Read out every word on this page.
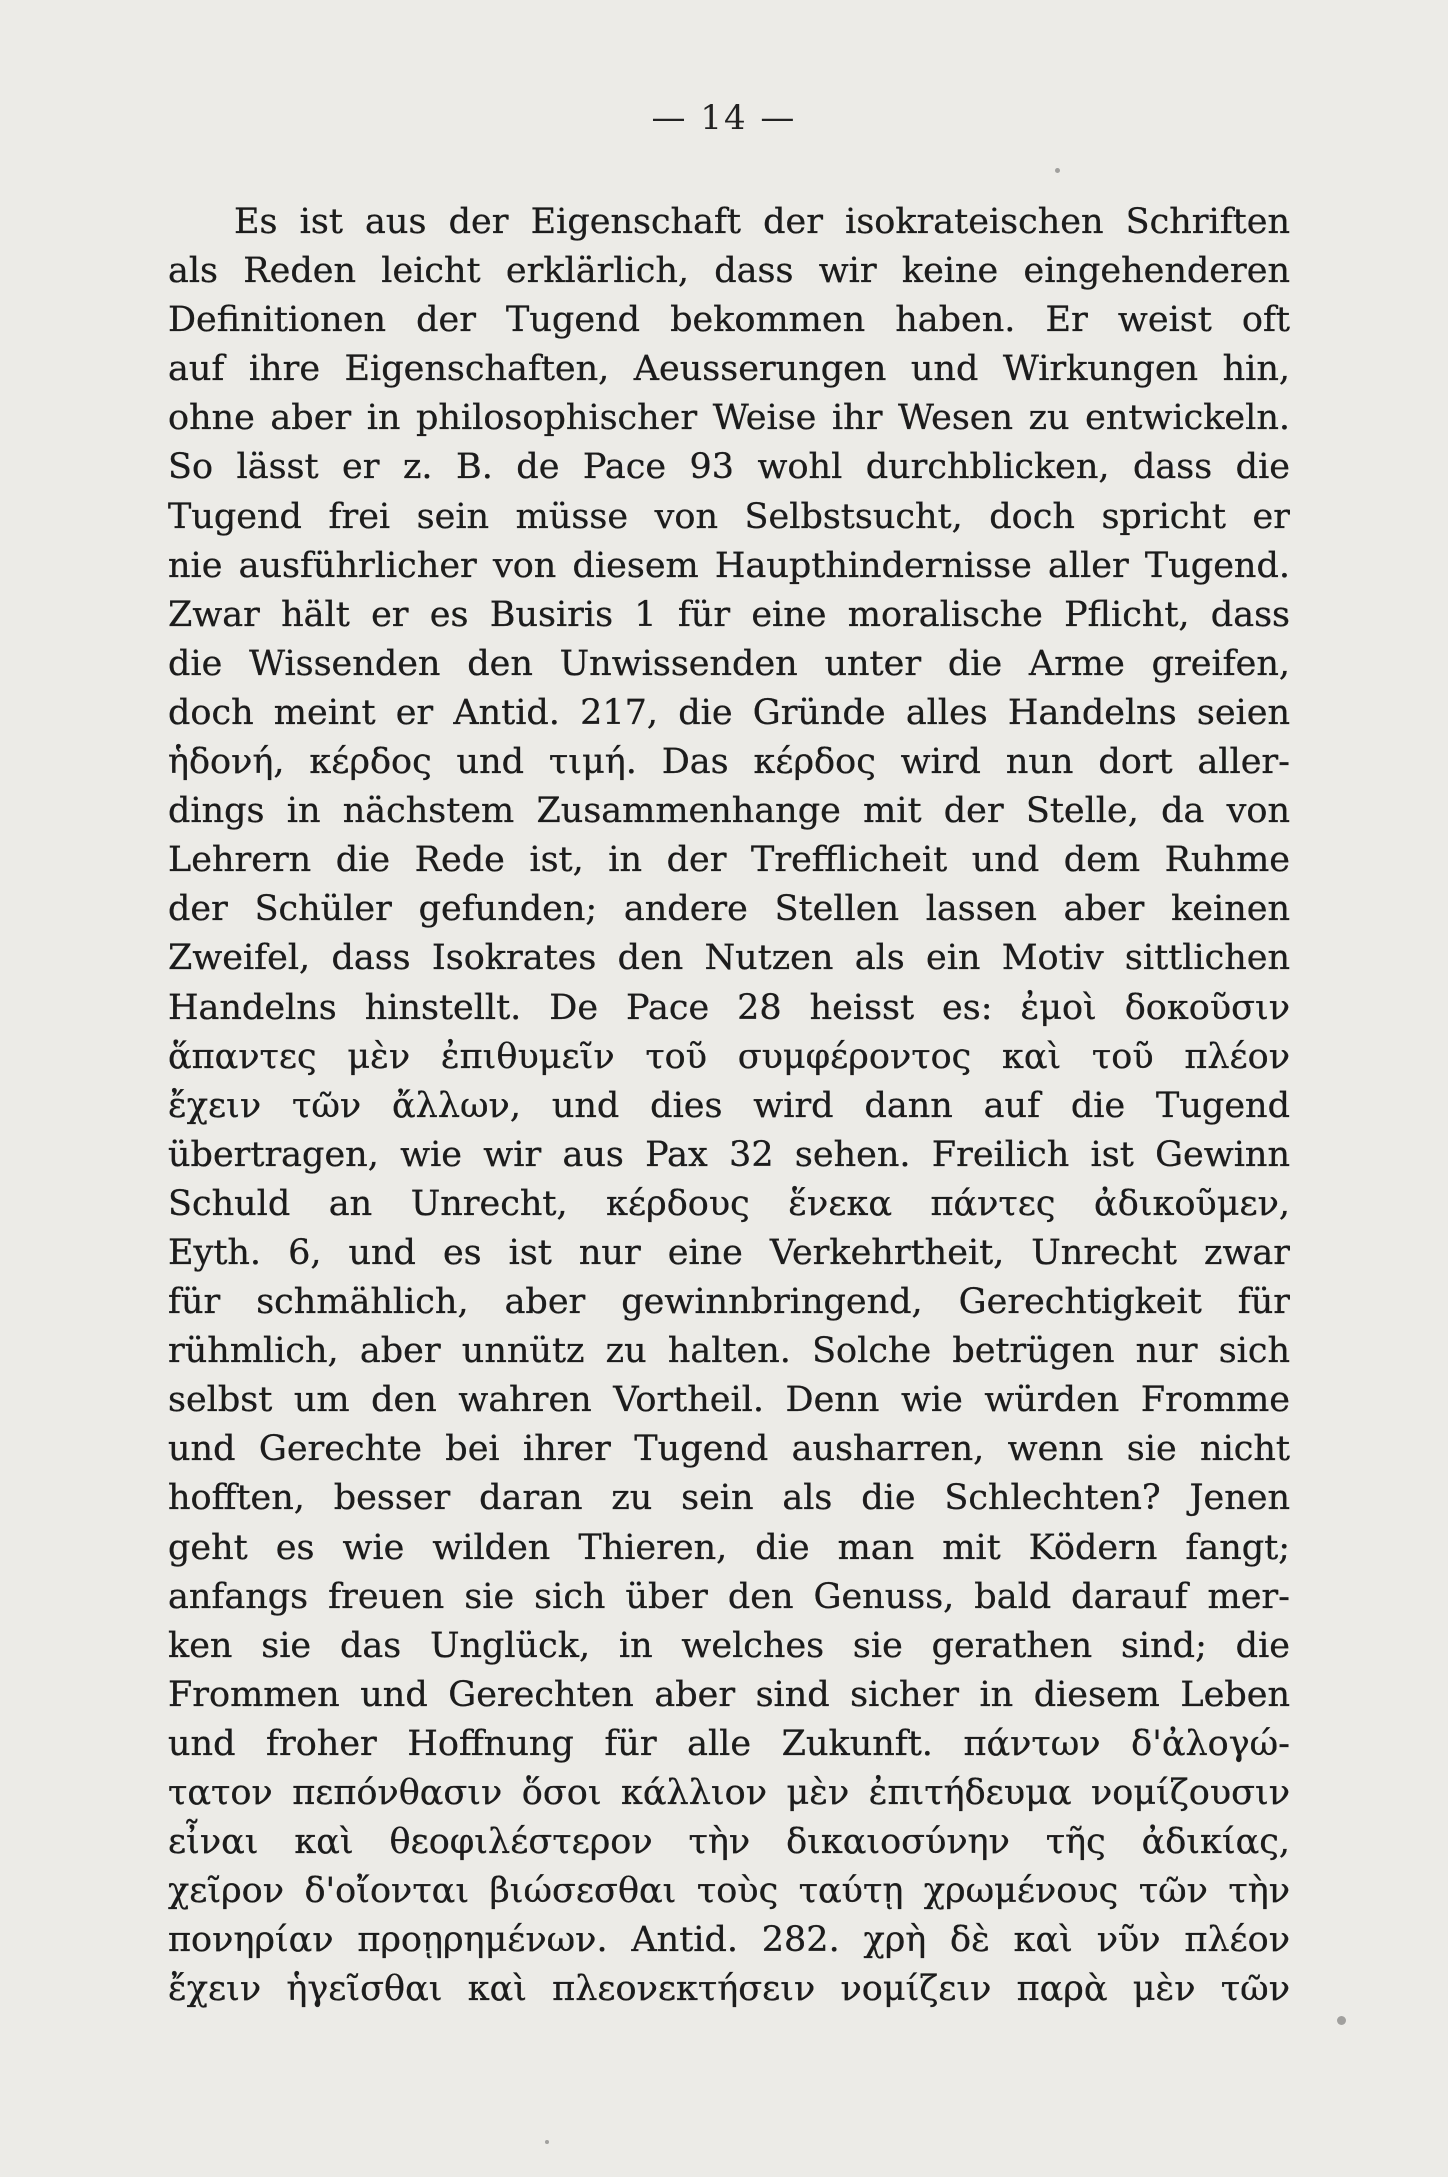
— 14 —
Es ist aus der Eigenschaft der isokrateischen Schriften
als Reden leicht erklärlich, dass wir keine eingehenderen
Definitionen der Tugend bekommen haben. Er weist oft
auf ihre Eigenschaften, Aeusserungen und Wirkungen hin,
ohne aber in philosophischer Weise ihr Wesen zu entwickeln.
So lässt er z. B. de Pace 93 wohl durchblicken, dass die
Tugend frei sein müsse von Selbstsucht, doch spricht er
nie ausführlicher von diesem Haupthindernisse aller Tugend.
Zwar hält er es Busiris 1 für eine moralische Pflicht, dass
die Wissenden den Unwissenden unter die Arme greifen,
doch meint er Antid. 217, die Gründe alles Handelns seien
ἡδονή, κέρδος und τιμή. Das κέρδος wird nun dort aller-
dings in nächstem Zusammenhange mit der Stelle, da von
Lehrern die Rede ist, in der Trefflicheit und dem Ruhme
der Schüler gefunden; andere Stellen lassen aber keinen
Zweifel, dass Isokrates den Nutzen als ein Motiv sittlichen
Handelns hinstellt. De Pace 28 heisst es: ἐμοὶ δοκοῦσιν
ἅπαντες μὲν ἐπιθυμεῖν τοῦ συμφέροντος καὶ τοῦ πλέον
ἔχειν τῶν ἄλλων, und dies wird dann auf die Tugend
übertragen, wie wir aus Pax 32 sehen. Freilich ist Gewinn
Schuld an Unrecht, κέρδους ἕνεκα πάντες ἀδικοῦμεν,
Eyth. 6, und es ist nur eine Verkehrtheit, Unrecht zwar
für schmählich, aber gewinnbringend, Gerechtigkeit für
rühmlich, aber unnütz zu halten. Solche betrügen nur sich
selbst um den wahren Vortheil. Denn wie würden Fromme
und Gerechte bei ihrer Tugend ausharren, wenn sie nicht
hofften, besser daran zu sein als die Schlechten? Jenen
geht es wie wilden Thieren, die man mit Ködern fangt;
anfangs freuen sie sich über den Genuss, bald darauf mer-
ken sie das Unglück, in welches sie gerathen sind; die
Frommen und Gerechten aber sind sicher in diesem Leben
und froher Hoffnung für alle Zukunft. πάντων δ'ἀλογώ-
τατον πεπόνθασιν ὅσοι κάλλιον μὲν ἐπιτήδευμα νομίζουσιν
εἶναι καὶ θεοφιλέστερον τὴν δικαιοσύνην τῆς ἀδικίας,
χεῖρον δ'οἴονται βιώσεσθαι τοὺς ταύτῃ χρωμένους τῶν τὴν
πονηρίαν προῃρημένων. Antid. 282. χρὴ δὲ καὶ νῦν πλέον
ἔχειν ἡγεῖσθαι καὶ πλεονεκτήσειν νομίζειν παρὰ μὲν τῶν
